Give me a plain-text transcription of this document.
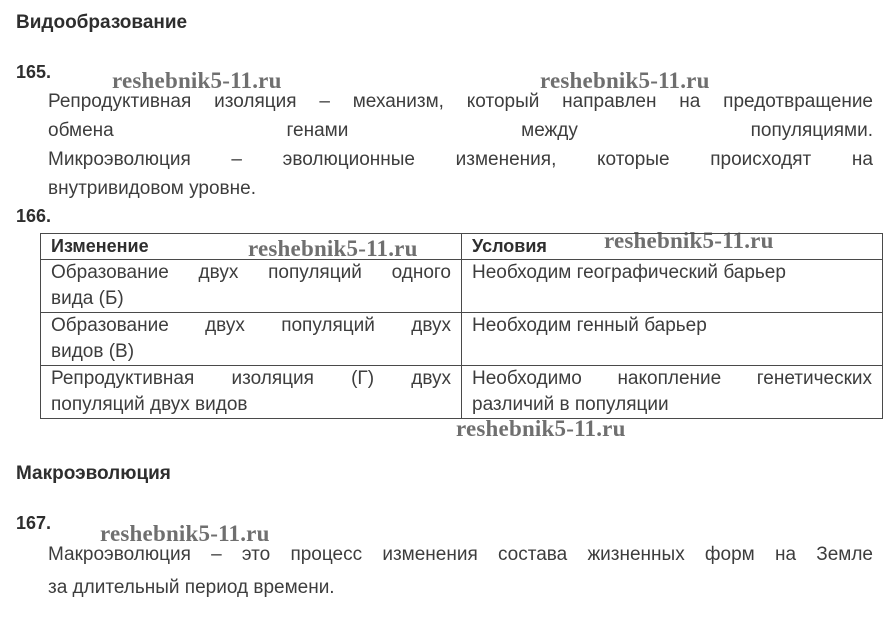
Видообразование
165.
Репродуктивная изоляция – механизм, который направлен на предотвращение
обмена генами между популяциями.
Микроэволюция – эволюционные изменения, которые происходят на
внутривидовом уровне.
166.
Изменение	Условия

Образование двух популяций одного
вида (Б)	Необходим географический барьер

Образование двух популяций двух
видов (В)	Необходим генный барьер

Репродуктивная изоляция (Г) двух
популяций двух видов	Необходимо накопление генетических
различий в популяции
Макроэволюция
167.
Макроэволюция – это процесс изменения состава жизненных форм на Земле
за длительный период времени.
reshebnik5-11.ru	reshebnik5-11.ru
reshebnik5-11.ru	reshebnik5-11.ru
reshebnik5-11.ru
reshebnik5-11.ru
